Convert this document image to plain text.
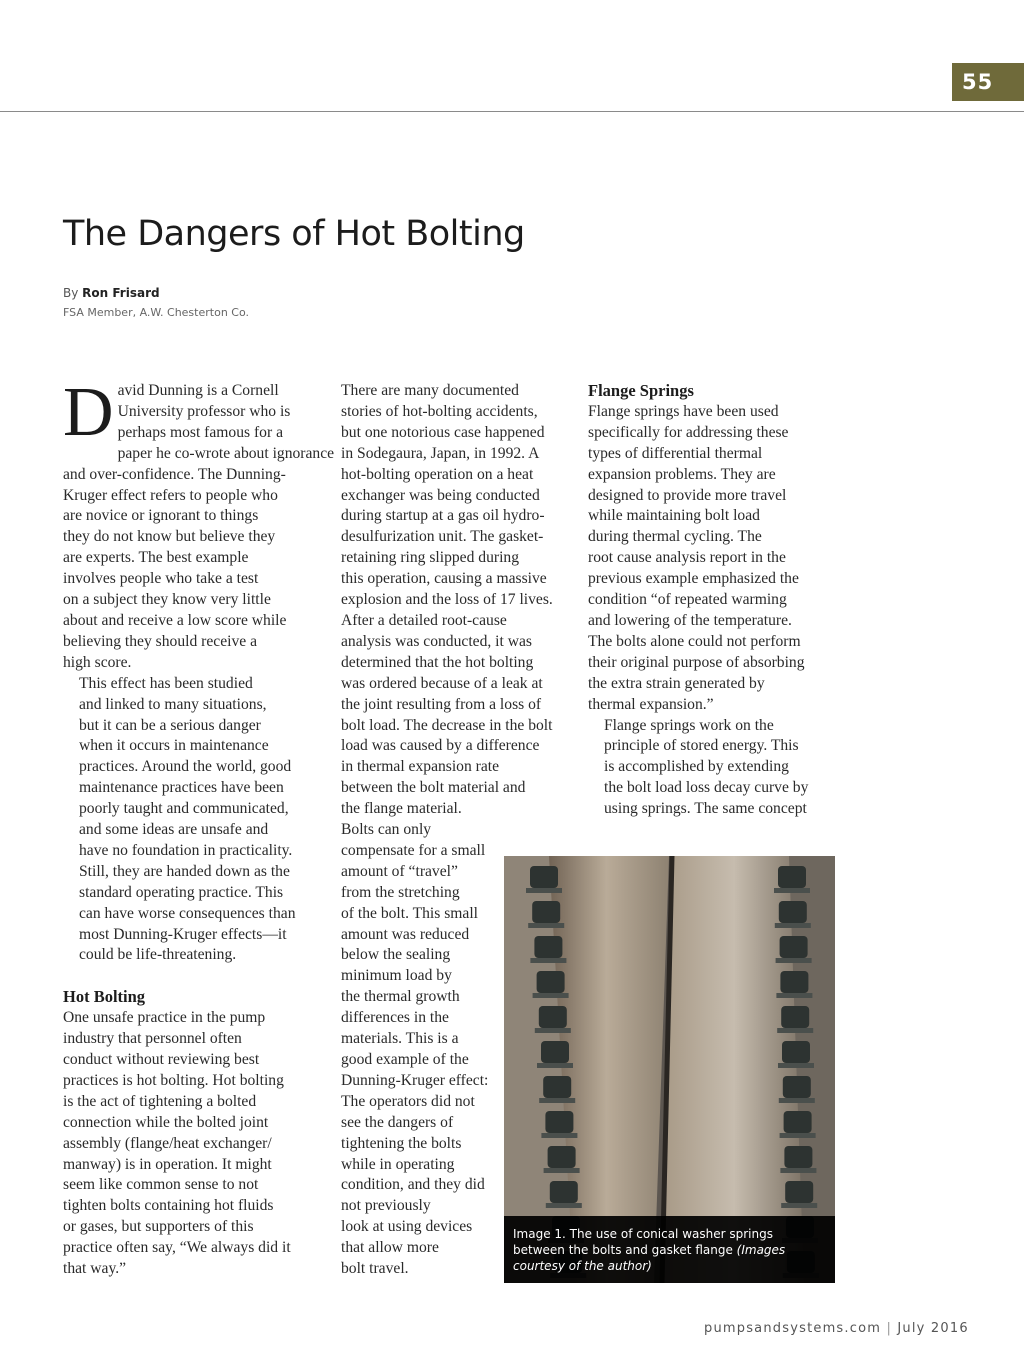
55
The Dangers of Hot Bolting
By Ron Frisard
FSA Member, A.W. Chesterton Co.
D avid Dunning is a Cornell
University professor who is
perhaps most famous for a
paper he co-wrote about ignorance
and over-confidence. The Dunning-
Kruger effect refers to people who
are novice or ignorant to things
they do not know but believe they
are experts. The best example
involves people who take a test
on a subject they know very little
about and receive a low score while
believing they should receive a
high score.

This effect has been studied
and linked to many situations,
but it can be a serious danger
when it occurs in maintenance
practices. Around the world, good
maintenance practices have been
poorly taught and communicated,
and some ideas are unsafe and
have no foundation in practicality.
Still, they are handed down as the
standard operating practice. This
can have worse consequences than
most Dunning-Kruger effects—it
could be life-threatening.

Hot Bolting

One unsafe practice in the pump
industry that personnel often
conduct without reviewing best
practices is hot bolting. Hot bolting
is the act of tightening a bolted
connection while the bolted joint
assembly (flange/heat exchanger/
manway) is in operation. It might
seem like common sense to not
tighten bolts containing hot fluids
or gases, but supporters of this
practice often say, “We always did it
that way.”

There are many documented
stories of hot-bolting accidents,
but one notorious case happened
in Sodegaura, Japan, in 1992. A
hot-bolting operation on a heat
exchanger was being conducted
during startup at a gas oil hydro-
desulfurization unit. The gasket-
retaining ring slipped during
this operation, causing a massive
explosion and the loss of 17 lives.

After a detailed root-cause
analysis was conducted, it was
determined that the hot bolting
was ordered because of a leak at
the joint resulting from a loss of
bolt load. The decrease in the bolt
load was caused by a difference
in thermal expansion rate
between the bolt material and
the flange material.

Bolts can only
compensate for a small
amount of “travel”
from the stretching
of the bolt. This small
amount was reduced
below the sealing
minimum load by
the thermal growth
differences in the
materials. This is a
good example of the
Dunning-Kruger effect:
The operators did not
see the dangers of
tightening the bolts
while in operating
condition, and they did
not previously
look at using devices
that allow more
bolt travel.

Flange Springs

Flange springs have been used
specifically for addressing these
types of differential thermal
expansion problems. They are
designed to provide more travel
while maintaining bolt load
during thermal cycling. The
root cause analysis report in the
previous example emphasized the
condition “of repeated warming
and lowering of the temperature.
The bolts alone could not perform
their original purpose of absorbing
the extra strain generated by
thermal expansion.”

Flange springs work on the
principle of stored energy. This
is accomplished by extending
the bolt load loss decay curve by
using springs. The same concept

Image 1. The use of conical washer springs between the bolts and gasket flange (Images courtesy of the author)
pumpsandsystems.com | July 2016
